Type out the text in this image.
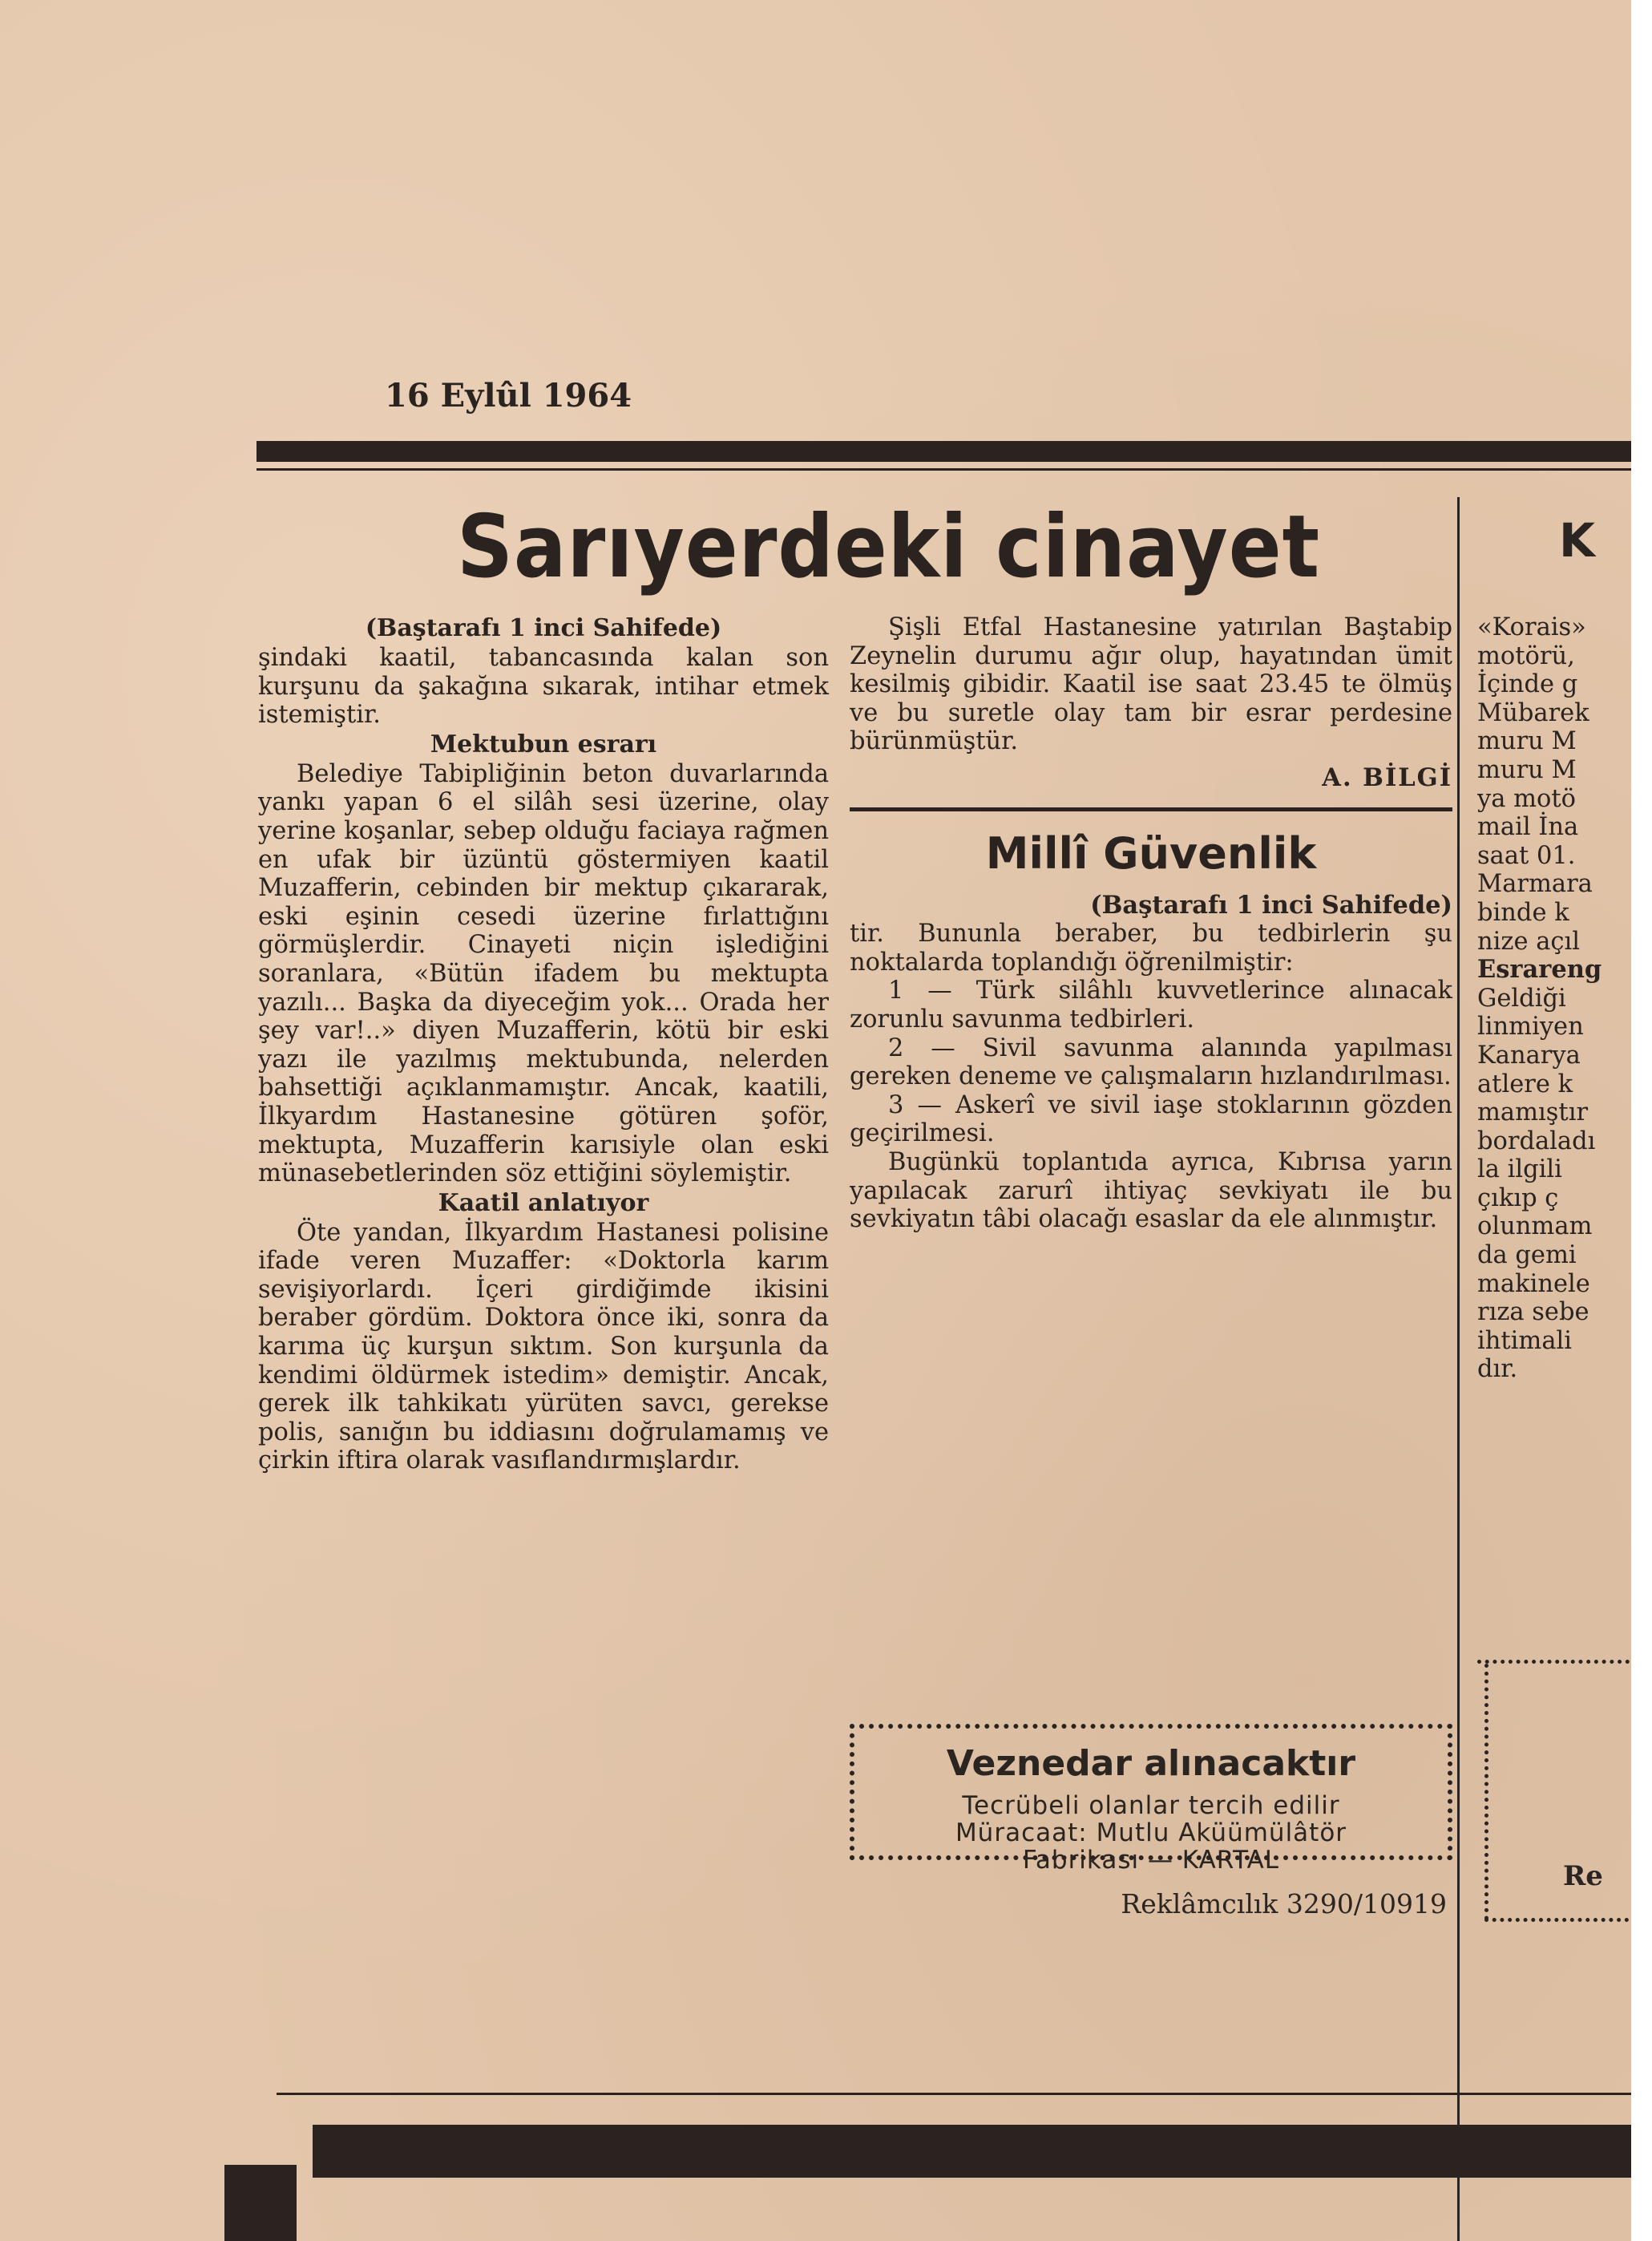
16 Eylûl 1964
Sarıyerdeki cinayet
(Baştarafı 1 inci Sahifede)

şindaki kaatil, tabancasında kalan son kurşunu da şakağına sıkarak, intihar etmek istemiştir.

Mektubun esrarı

Belediye Tabipliğinin beton duvarlarında yankı yapan 6 el silâh sesi üzerine, olay yerine koşanlar, sebep olduğu faciaya rağmen en ufak bir üzüntü göstermiyen kaatil Muzafferin, cebinden bir mektup çıkararak, eski eşinin cesedi üzerine fırlattığını görmüşlerdir. Cinayeti niçin işlediğini soranlara, «Bütün ifadem bu mektupta yazılı... Başka da diyeceğim yok... Orada her şey var!..» diyen Muzafferin, kötü bir eski yazı ile yazılmış mektubunda, nelerden bahsettiği açıklanmamıştır. Ancak, kaatili, İlkyardım Hastanesine götüren şoför, mektupta, Muzafferin karısiyle olan eski münasebetlerinden söz ettiğini söylemiştir.

Kaatil anlatıyor

Öte yandan, İlkyardım Hastanesi polisine ifade veren Muzaffer: «Doktorla karım sevişiyorlardı. İçeri girdiğimde ikisini beraber gördüm. Doktora önce iki, sonra da karıma üç kurşun sıktım. Son kurşunla da kendimi öldürmek istedim» demiştir. Ancak, gerek ilk tahkikatı yürüten savcı, gerekse polis, sanığın bu iddiasını doğrulamamış ve çirkin iftira olarak vasıflandırmışlardır.

Şişli Etfal Hastanesine yatırılan Baştabip Zeynelin durumu ağır olup, hayatından ümit kesilmiş gibidir. Kaatil ise saat 23.45 te ölmüş ve bu suretle olay tam bir esrar perdesine bürünmüştür.

A. BİLGİ
Millî Güvenlik
(Baştarafı 1 inci Sahifede)

tir. Bununla beraber, bu tedbirlerin şu noktalarda toplandığı öğrenilmiştir:

1 — Türk silâhlı kuvvetlerince alınacak zorunlu savunma tedbirleri.

2 — Sivil savunma alanında yapılması gereken deneme ve çalışmaların hızlandırılması.

3 — Askerî ve sivil iaşe stoklarının gözden geçirilmesi.

Bugünkü toplantıda ayrıca, Kıbrısa yarın yapılacak zarurî ihtiyaç sevkiyatı ile bu sevkiyatın tâbi olacağı esaslar da ele alınmıştır.

Veznedar alınacaktır
Tecrübeli olanlar tercih edilir
Müracaat: Mutlu Aküümülâtör
Fabrikası — KARTAL
Reklâmcılık 3290/10919
K
«Korais»
motörü,
İçinde g
Mübarek
muru M
muru M
ya motö
mail İna
saat 01.
Marmara
binde k
nize açıl
Esrareng
Geldiği
linmiyen
Kanarya
atlere k
mamıştır
bordaladı
la ilgili
çıkıp ç
olunmam
da gemi
makinele
rıza sebe
ihtimali
dır.
Re
